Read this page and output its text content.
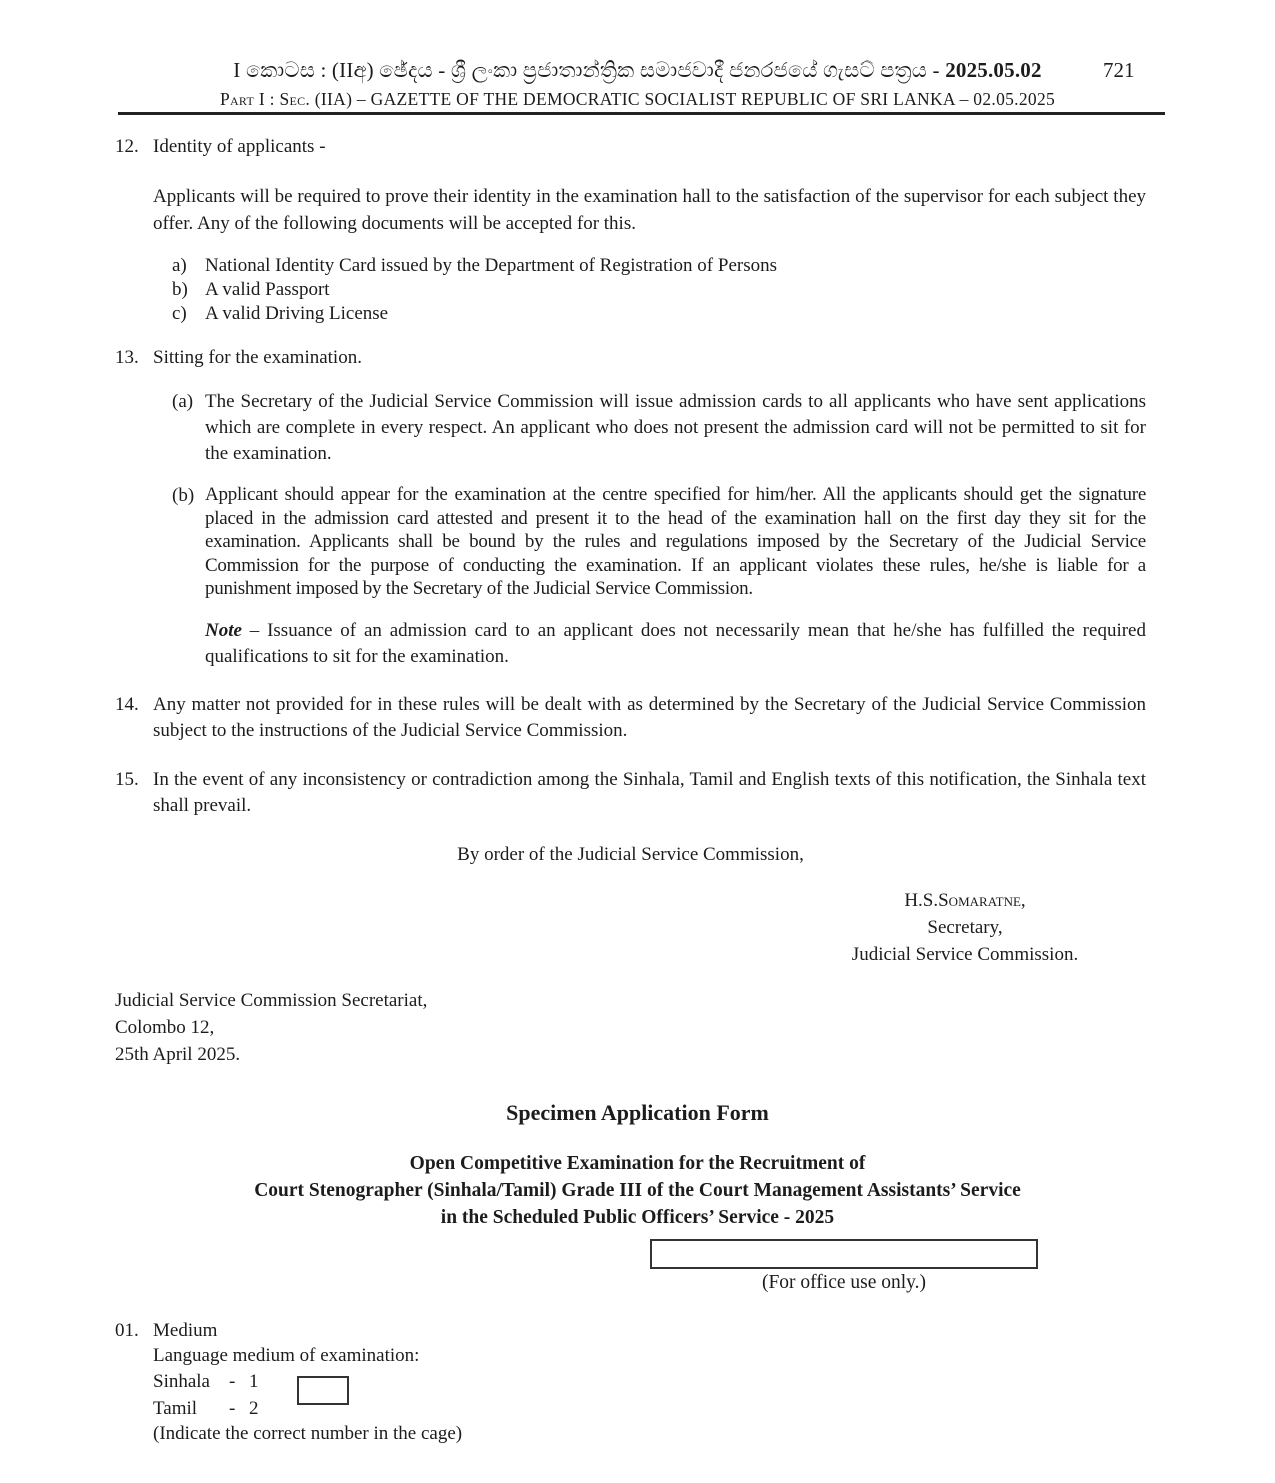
I කොටස : (IIඅ) ඡේදය - ශ්‍රී ලංකා ප්‍රජාතාන්ත්‍රික සමාජවාදී ජනරජයේ ගැසට් පත්‍රය - 2025.05.02	721
Part I : Sec. (IIA) – GAZETTE OF THE DEMOCRATIC SOCIALIST REPUBLIC OF SRI LANKA – 02.05.2025
12. Identity of applicants -
Applicants will be required to prove their identity in the examination hall to the satisfaction of the supervisor for each subject they offer. Any of the following documents will be accepted for this.
a) National Identity Card issued by the Department of Registration of Persons
b) A valid Passport
c) A valid Driving License
13. Sitting for the examination.
(a) The Secretary of the Judicial Service Commission will issue admission cards to all applicants who have sent applications which are complete in every respect. An applicant who does not present the admission card will not be permitted to sit for the examination.
(b) Applicant should appear for the examination at the centre specified for him/her. All the applicants should get the signature placed in the admission card attested and present it to the head of the examination hall on the first day they sit for the examination. Applicants shall be bound by the rules and regulations imposed by the Secretary of the Judicial Service Commission for the purpose of conducting the examination. If an applicant violates these rules, he/she is liable for a punishment imposed by the Secretary of the Judicial Service Commission.
Note – Issuance of an admission card to an applicant does not necessarily mean that he/she has fulfilled the required qualifications to sit for the examination.
14. Any matter not provided for in these rules will be dealt with as determined by the Secretary of the Judicial Service Commission subject to the instructions of the Judicial Service Commission.
15. In the event of any inconsistency or contradiction among the Sinhala, Tamil and English texts of this notification, the Sinhala text shall prevail.
By order of the Judicial Service Commission,
H.S.Somaratne,
Secretary,
Judicial Service Commission.
Judicial Service Commission Secretariat,
Colombo 12,
25th April 2025.
Specimen Application Form
Open Competitive Examination for the Recruitment of
Court Stenographer (Sinhala/Tamil) Grade III of the Court Management Assistants’ Service
in the Scheduled Public Officers’ Service - 2025
(For office use only.)
01. Medium
Language medium of examination:
Sinhala	- 1
Tamil	- 2
(Indicate the correct number in the cage)
